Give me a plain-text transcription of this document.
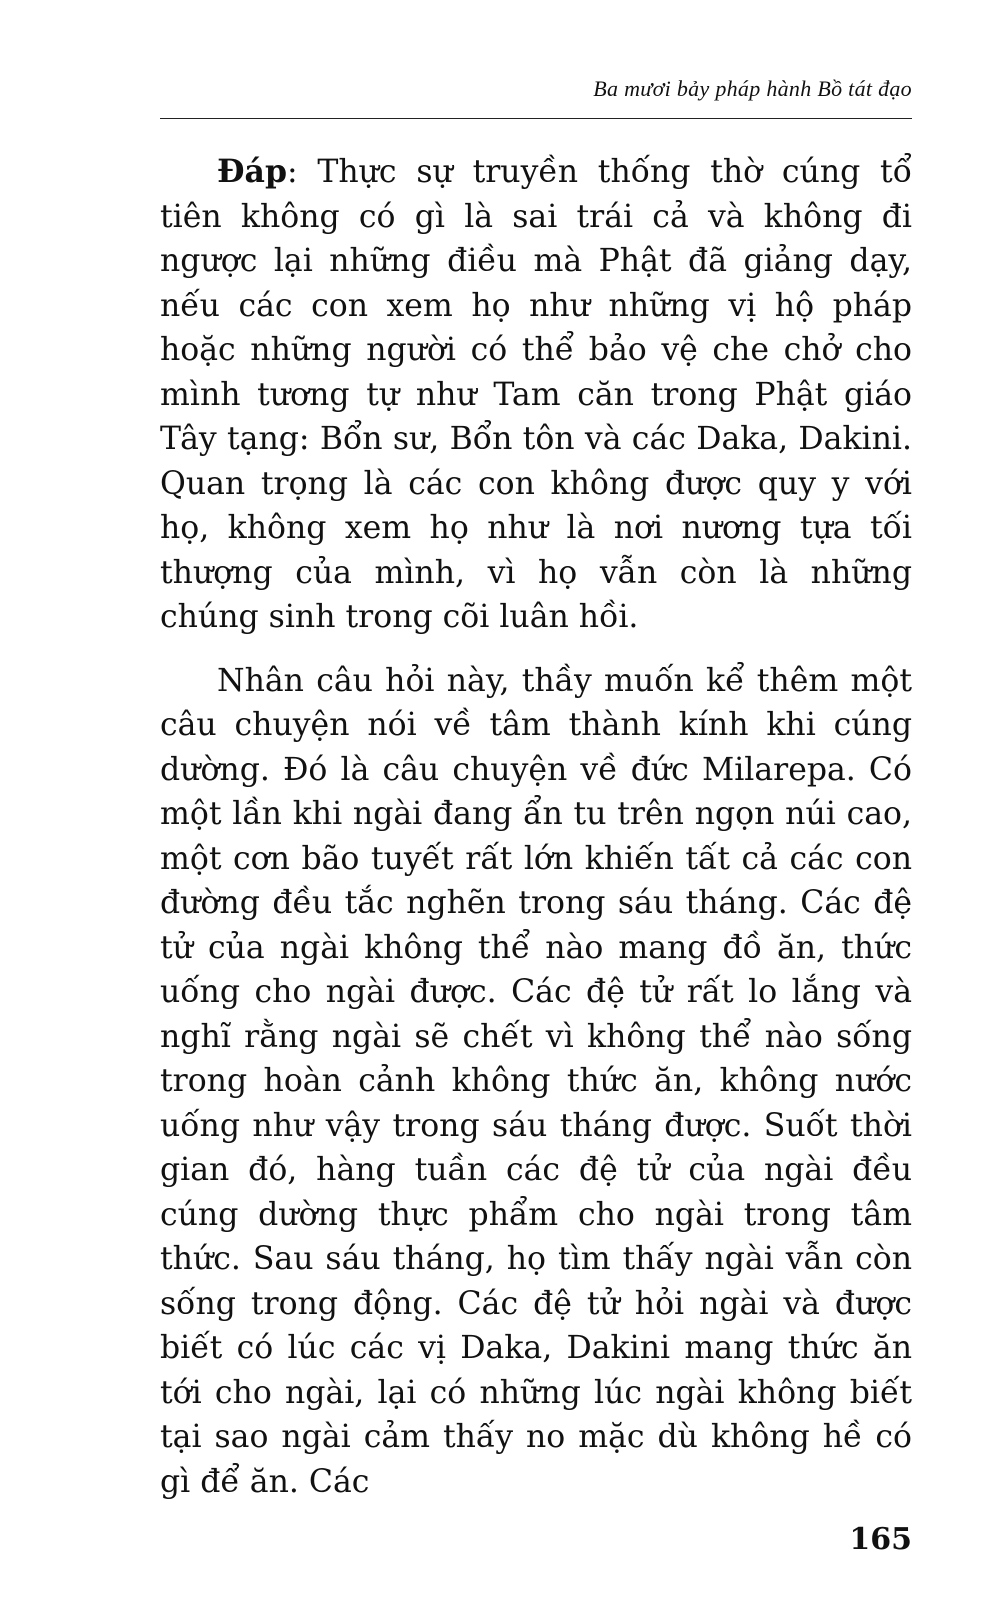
Ba mươi bảy pháp hành Bồ tát đạo

Đáp: Thực sự truyền thống thờ cúng tổ tiên không có gì là sai trái cả và không đi ngược lại những điều mà Phật đã giảng dạy, nếu các con xem họ như những vị hộ pháp hoặc những người có thể bảo vệ che chở cho mình tương tự như Tam căn trong Phật giáo Tây tạng: Bổn sư, Bổn tôn và các Daka, Dakini. Quan trọng là các con không được quy y với họ, không xem họ như là nơi nương tựa tối thượng của mình, vì họ vẫn còn là những chúng sinh trong cõi luân hồi.

Nhân câu hỏi này, thầy muốn kể thêm một câu chuyện nói về tâm thành kính khi cúng dường. Đó là câu chuyện về đức Milarepa. Có một lần khi ngài đang ẩn tu trên ngọn núi cao, một cơn bão tuyết rất lớn khiến tất cả các con đường đều tắc nghẽn trong sáu tháng. Các đệ tử của ngài không thể nào mang đồ ăn, thức uống cho ngài được. Các đệ tử rất lo lắng và nghĩ rằng ngài sẽ chết vì không thể nào sống trong hoàn cảnh không thức ăn, không nước uống như vậy trong sáu tháng được. Suốt thời gian đó, hàng tuần các đệ tử của ngài đều cúng dường thực phẩm cho ngài trong tâm thức. Sau sáu tháng, họ tìm thấy ngài vẫn còn sống trong động. Các đệ tử hỏi ngài và được biết có lúc các vị Daka, Dakini mang thức ăn tới cho ngài, lại có những lúc ngài không biết tại sao ngài cảm thấy no mặc dù không hề có gì để ăn. Các

165
